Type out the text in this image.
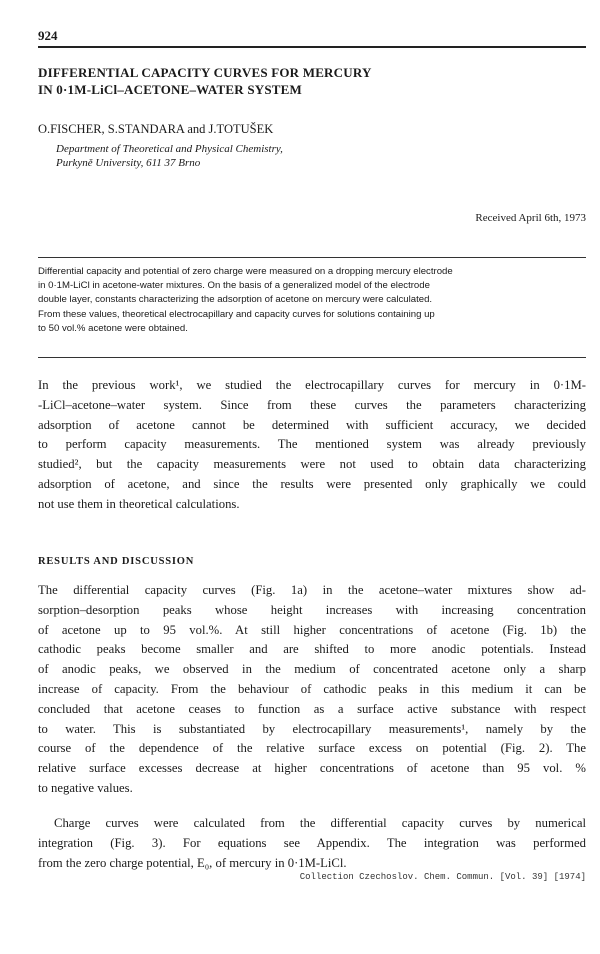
924
DIFFERENTIAL CAPACITY CURVES FOR MERCURY
IN 0·1M-LiCl–ACETONE–WATER SYSTEM
O.FISCHER, S.STANDARA and J.TOTUŠEK
Department of Theoretical and Physical Chemistry,
Purkyně University, 611 37 Brno
Received April 6th, 1973
Differential capacity and potential of zero charge were measured on a dropping mercury electrode
in 0·1M-LiCl in acetone-water mixtures. On the basis of a generalized model of the electrode
double layer, constants characterizing the adsorption of acetone on mercury were calculated.
From these values, theoretical electrocapillary and capacity curves for solutions containing up
to 50 vol.% acetone were obtained.
In the previous work¹, we studied the electrocapillary curves for mercury in 0·1M-
-LiCl–acetone–water system. Since from these curves the parameters characterizing
adsorption of acetone cannot be determined with sufficient accuracy, we decided
to perform capacity measurements. The mentioned system was already previously
studied², but the capacity measurements were not used to obtain data characterizing
adsorption of acetone, and since the results were presented only graphically we could
not use them in theoretical calculations.
RESULTS AND DISCUSSION
The differential capacity curves (Fig. 1a) in the acetone–water mixtures show ad-
sorption–desorption peaks whose height increases with increasing concentration
of acetone up to 95 vol.%. At still higher concentrations of acetone (Fig. 1b) the
cathodic peaks become smaller and are shifted to more anodic potentials. Instead
of anodic peaks, we observed in the medium of concentrated acetone only a sharp
increase of capacity. From the behaviour of cathodic peaks in this medium it can be
concluded that acetone ceases to function as a surface active substance with respect
to water. This is substantiated by electrocapillary measurements¹, namely by the
course of the dependence of the relative surface excess on potential (Fig. 2). The
relative surface excesses decrease at higher concentrations of acetone than 95 vol. %
to negative values.
Charge curves were calculated from the differential capacity curves by numerical
integration (Fig. 3). For equations see Appendix. The integration was performed
from the zero charge potential, E₀, of mercury in 0·1M-LiCl.
Collection Czechoslov. Chem. Commun. [Vol. 39] [1974]
